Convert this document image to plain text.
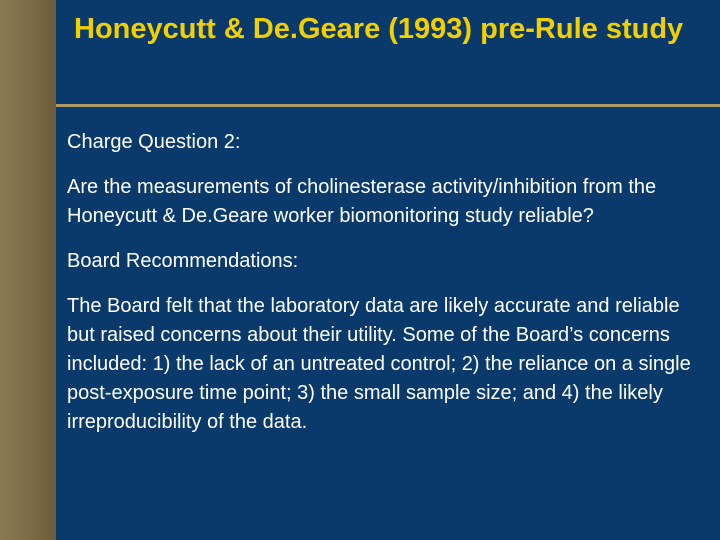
Honeycutt & De.Geare (1993) pre-Rule study

Charge Question 2:

Are the measurements of cholinesterase activity/inhibition from the Honeycutt & De.Geare worker biomonitoring study reliable?

Board Recommendations:

The Board felt that the laboratory data are likely accurate and reliable but raised concerns about their utility. Some of the Board’s concerns included: 1) the lack of an untreated control; 2) the reliance on a single post-exposure time point; 3) the small sample size; and 4) the likely irreproducibility of the data.
